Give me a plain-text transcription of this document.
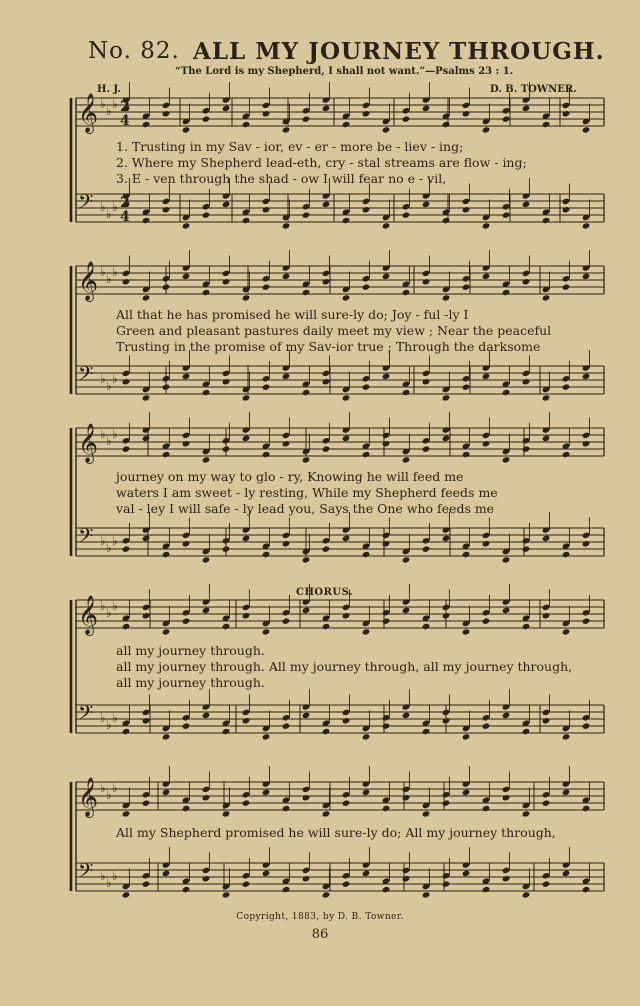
No. 82. ALL MY JOURNEY THROUGH.
“The Lord is my Shepherd, I shall not want.”—Psalms 23 : 1.
H. J.	D. B. TOWNER.
𝄞 ♭ ♭ ♭
𝄢 ♭ ♭ ♭
𝄞 ♭ ♭ ♭
𝄢 ♭ ♭ ♭
𝄞 ♭ ♭ ♭
𝄢 ♭ ♭ ♭
𝄞 ♭ ♭ ♭
𝄢 ♭ ♭ ♭
𝄞 ♭ ♭ ♭
𝄢 ♭ ♭ ♭
2
4
2
4
1. Trusting in my Sav - ior, ev - er - more be - liev - ing;
2. Where my Shepherd lead-eth, cry - stal streams are flow - ing;
3. E - ven through the shad - ow I will fear no e - vil,
All that he has promised he will sure-ly do; Joy - ful -ly I
Green and pleasant pastures daily meet my view ; Near the peaceful
Trusting in the promise of my Sav-ior true ; Through the darksome
journey on my way to glo - ry, Knowing he will feed me
waters I am sweet - ly resting, While my Shepherd feeds me
val - ley I will safe - ly lead you, Says the One who feeds me
CHORUS.
all my journey through.
all my journey through. All my journey through, all my journey through,
all my journey through.
All my Shepherd promised he will sure-ly do; All my journey through,
Copyright, 1883, by D. B. Towner.
86
